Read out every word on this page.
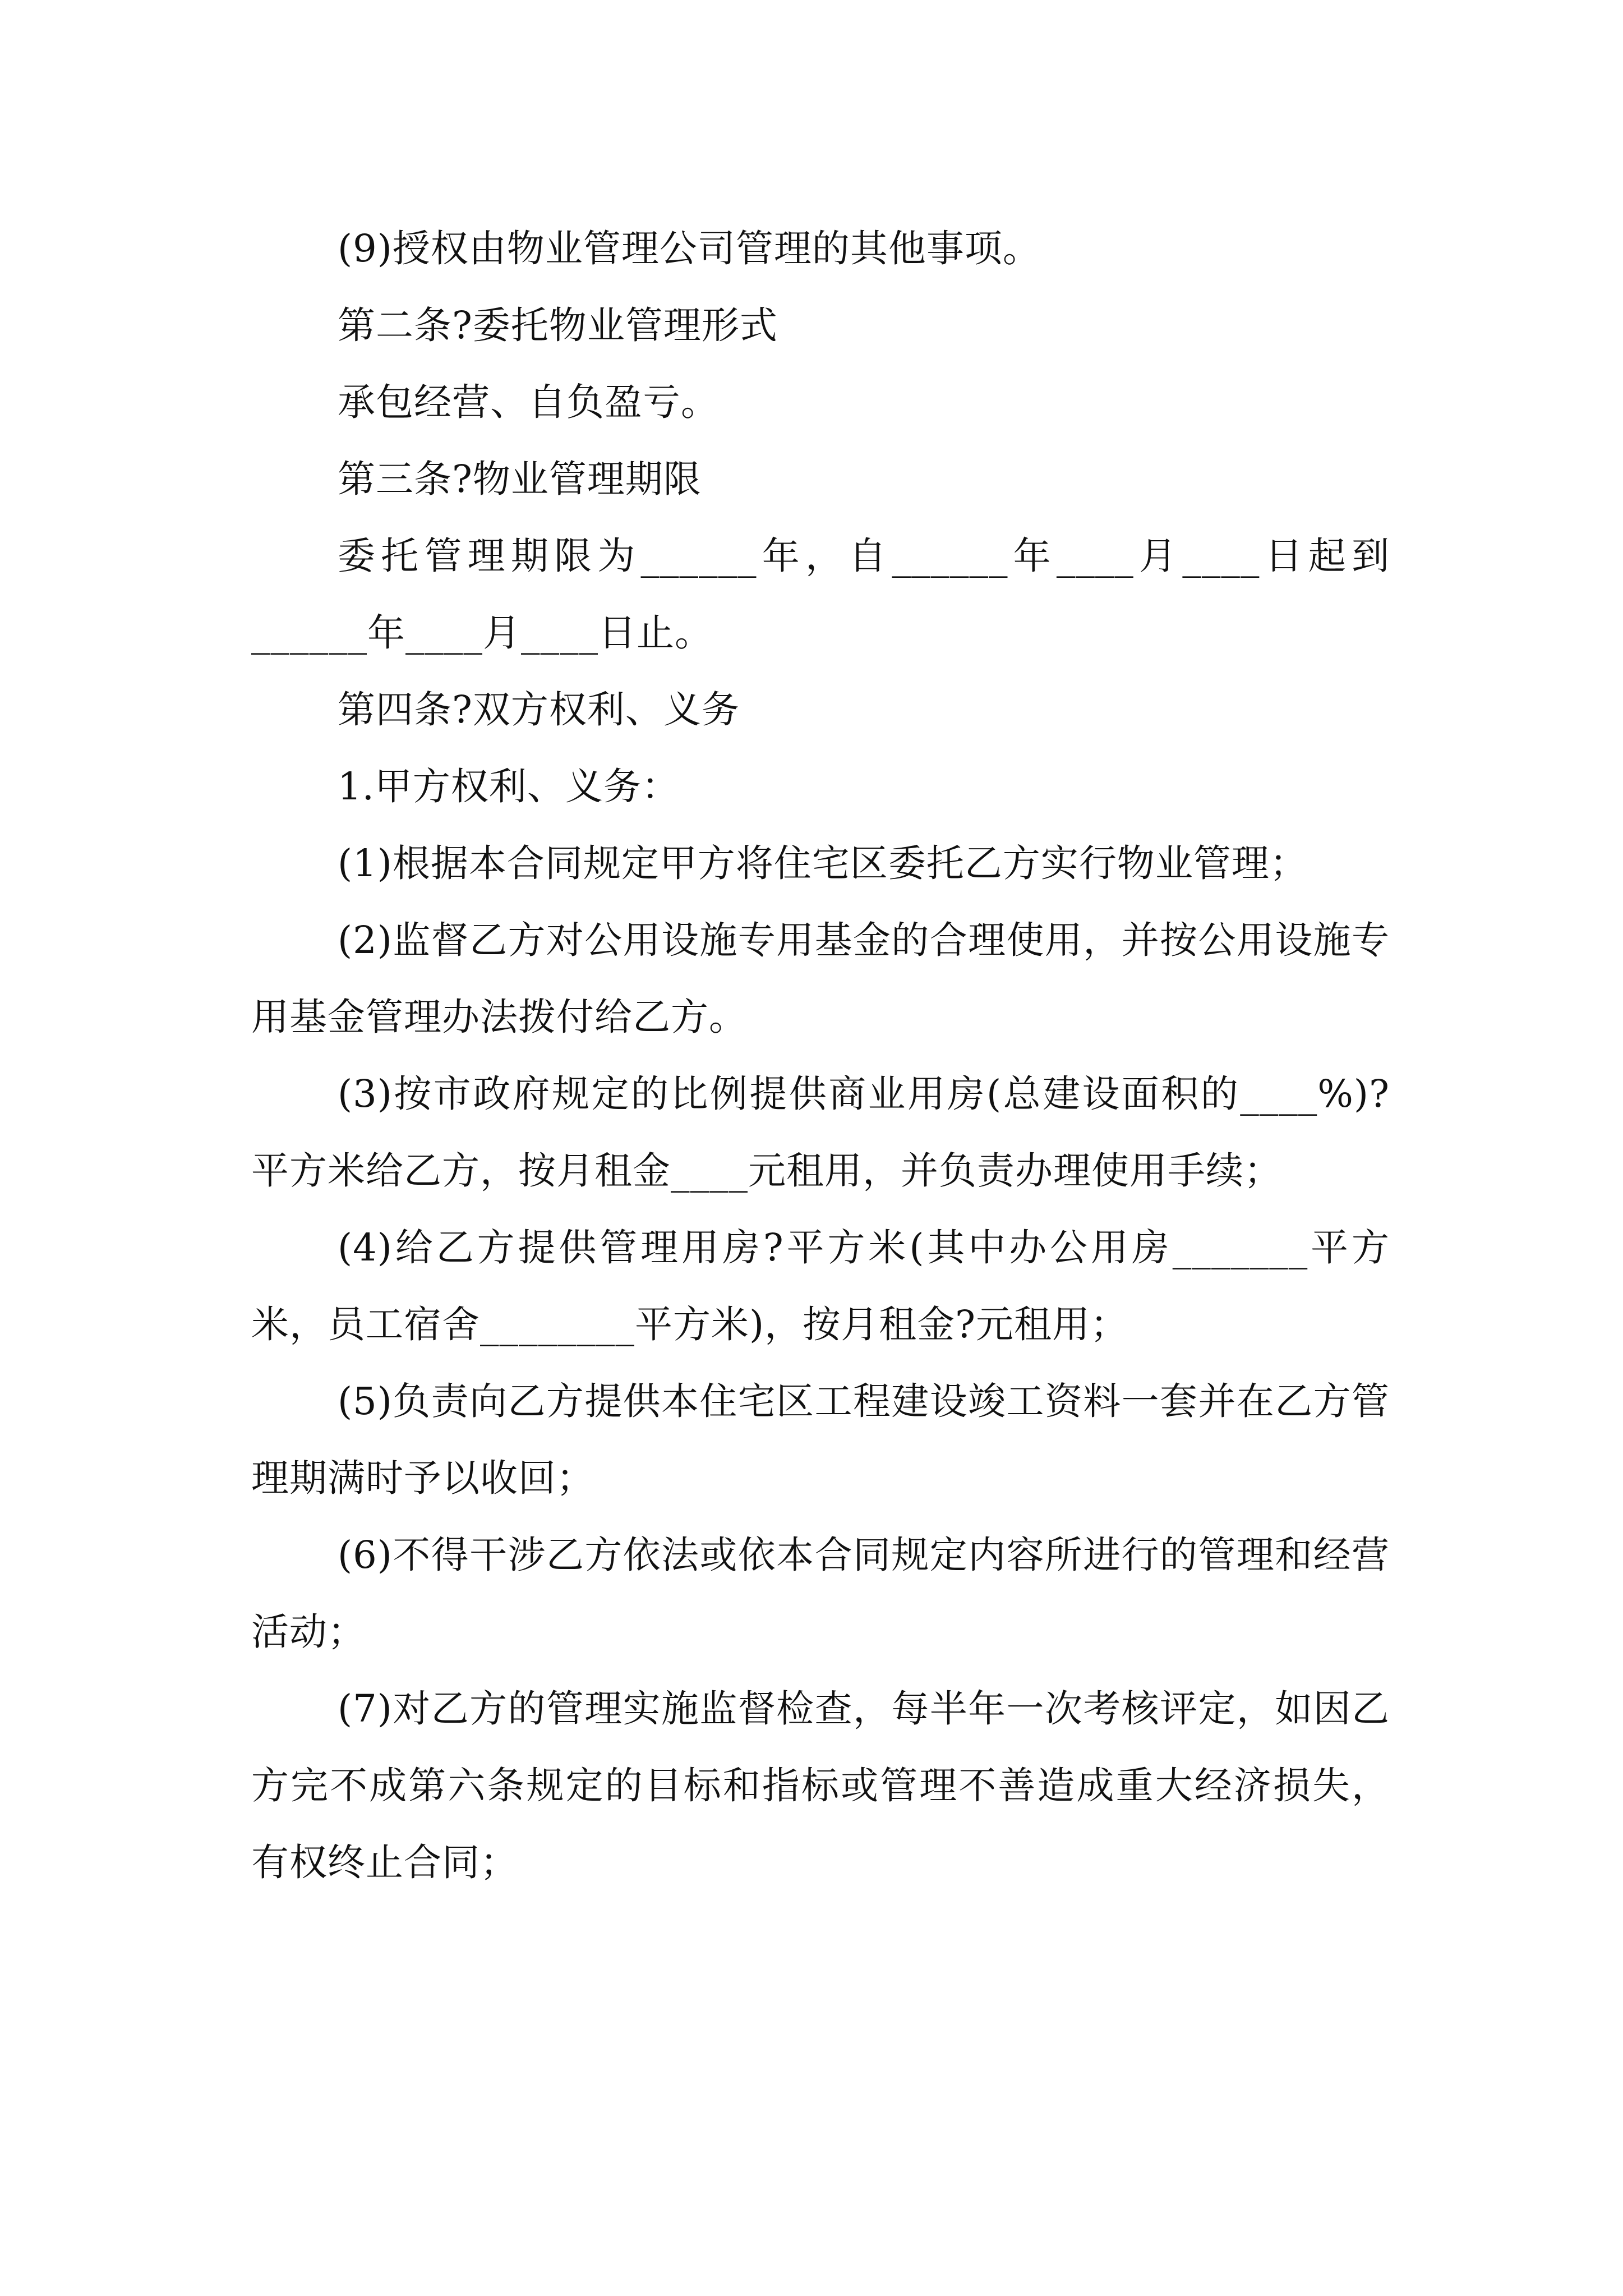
(9)授权由物业管理公司管理的其他事项。

第二条?委托物业管理形式

承包经营、自负盈亏。

第三条?物业管理期限

委托管理期限为______年，自______年____月____日起到______年____月____日止。

第四条?双方权利、义务

1.甲方权利、义务：

(1)根据本合同规定甲方将住宅区委托乙方实行物业管理；

(2)监督乙方对公用设施专用基金的合理使用，并按公用设施专用基金管理办法拨付给乙方。

(3)按市政府规定的比例提供商业用房(总建设面积的____%)?平方米给乙方，按月租金____元租用，并负责办理使用手续；

(4)给乙方提供管理用房?平方米(其中办公用房_______平方米，员工宿舍________平方米)，按月租金?元租用；

(5)负责向乙方提供本住宅区工程建设竣工资料一套并在乙方管理期满时予以收回；

(6)不得干涉乙方依法或依本合同规定内容所进行的管理和经营活动；

(7)对乙方的管理实施监督检查，每半年一次考核评定，如因乙方完不成第六条规定的目标和指标或管理不善造成重大经济损失，有权终止合同；
